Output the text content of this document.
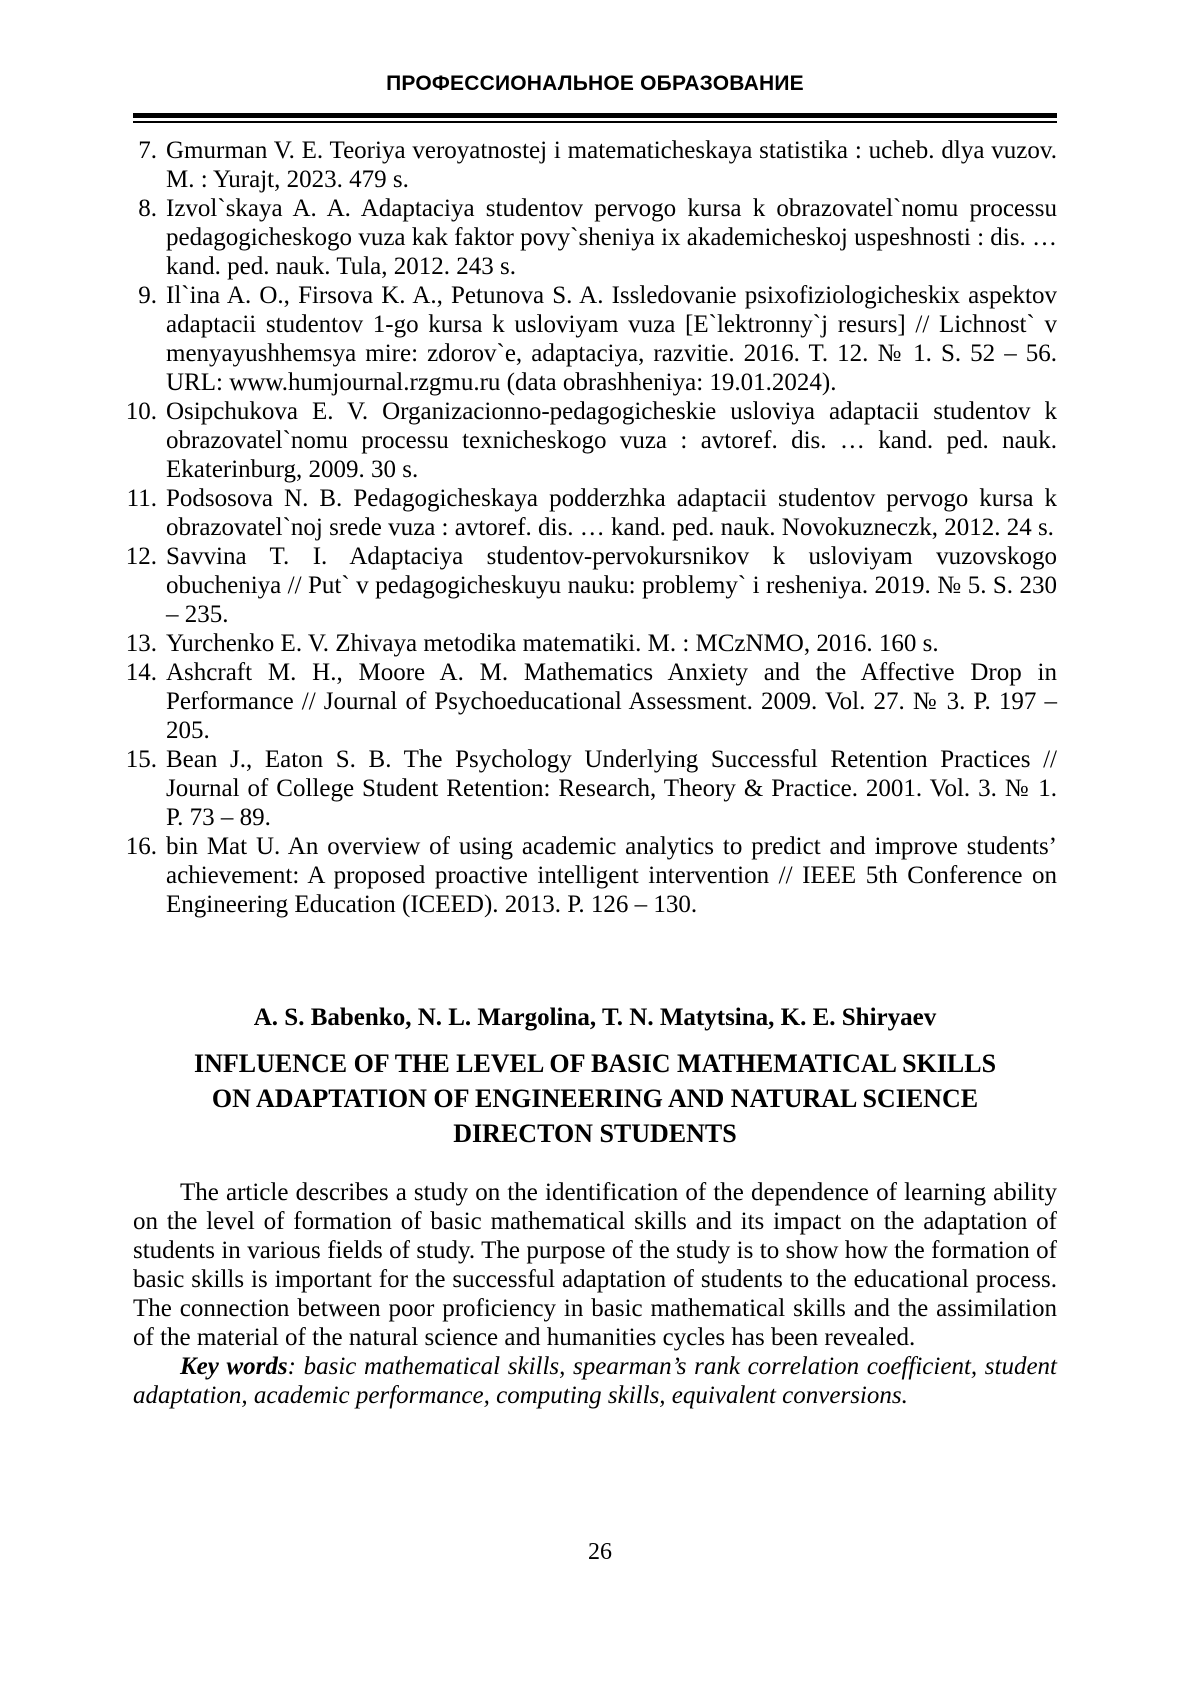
ПРОФЕССИОНАЛЬНОЕ ОБРАЗОВАНИЕ
7. Gmurman V. E. Teoriya veroyatnostej i matematicheskaya statistika : ucheb. dlya vuzov. M. : Yurajt, 2023. 479 s.
8. Izvol`skaya A. A. Adaptaciya studentov pervogo kursa k obrazovatel`nomu processu pedagogicheskogo vuza kak faktor povy`sheniya ix akademicheskoj uspeshnosti : dis. … kand. ped. nauk. Tula, 2012. 243 s.
9. Il`ina A. O., Firsova K. A., Petunova S. A. Issledovanie psixofiziologicheskix aspektov adaptacii studentov 1-go kursa k usloviyam vuza [E`lektronny`j resurs] // Lichnost` v menyayushhemsya mire: zdorov`e, adaptaciya, razvitie. 2016. T. 12. № 1. S. 52 – 56. URL: www.humjournal.rzgmu.ru (data obrashheniya: 19.01.2024).
10. Osipchukova E. V. Organizacionno-pedagogicheskie usloviya adaptacii studentov k obrazovatel`nomu processu texnicheskogo vuza : avtoref. dis. … kand. ped. nauk. Ekaterinburg, 2009. 30 s.
11. Podsosova N. B. Pedagogicheskaya podderzhka adaptacii studentov pervogo kursa k obrazovatel`noj srede vuza : avtoref. dis. … kand. ped. nauk. Novokuzneczk, 2012. 24 s.
12. Savvina T. I. Adaptaciya studentov-pervokursnikov k usloviyam vuzovskogo obucheniya // Put` v pedagogicheskuyu nauku: problemy` i resheniya. 2019. № 5. S. 230 – 235.
13. Yurchenko E. V. Zhivaya metodika matematiki. M. : MCzNMO, 2016. 160 s.
14. Ashcraft M. H., Moore A. M. Mathematics Anxiety and the Affective Drop in Performance // Journal of Psychoeducational Assessment. 2009. Vol. 27. № 3. P. 197 – 205.
15. Bean J., Eaton S. B. The Psychology Underlying Successful Retention Practices // Journal of College Student Retention: Research, Theory & Practice. 2001. Vol. 3. № 1. P. 73 – 89.
16. bin Mat U. An overview of using academic analytics to predict and improve students’ achievement: A proposed proactive intelligent intervention // IEEE 5th Conference on Engineering Education (ICEED). 2013. P. 126 – 130.
A. S. Babenko, N. L. Margolina, T. N. Matytsina, K. E. Shiryaev
INFLUENCE OF THE LEVEL OF BASIC MATHEMATICAL SKILLS
ON ADAPTATION OF ENGINEERING AND NATURAL SCIENCE
DIRECTON STUDENTS

The article describes a study on the identification of the dependence of learning ability on the level of formation of basic mathematical skills and its impact on the adaptation of students in various fields of study. The purpose of the study is to show how the formation of basic skills is important for the successful adaptation of students to the educational process. The connection between poor proficiency in basic mathematical skills and the assimilation of the material of the natural science and humanities cycles has been revealed.

Key words: basic mathematical skills, spearman’s rank correlation coefficient, student adaptation, academic performance, computing skills, equivalent conversions.

26
